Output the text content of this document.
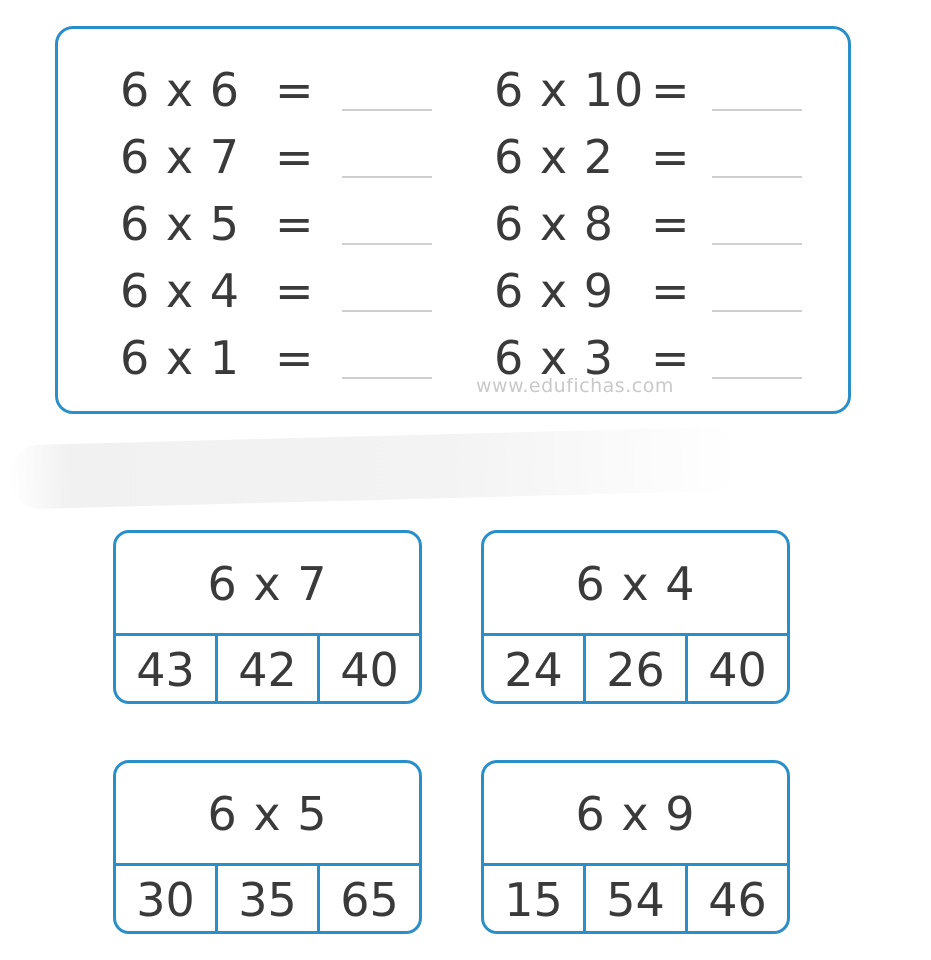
6 x 6 =
6 x 7 =
6 x 5 =
6 x 4 =
6 x 1 =
6 x 10 =
6 x 2 =
6 x 8 =
6 x 9 =
6 x 3 =
www.edufichas.com
6 x 7
43 42 40
6 x 4
24 26 40
6 x 5
30 35 65
6 x 9
15 54 46
